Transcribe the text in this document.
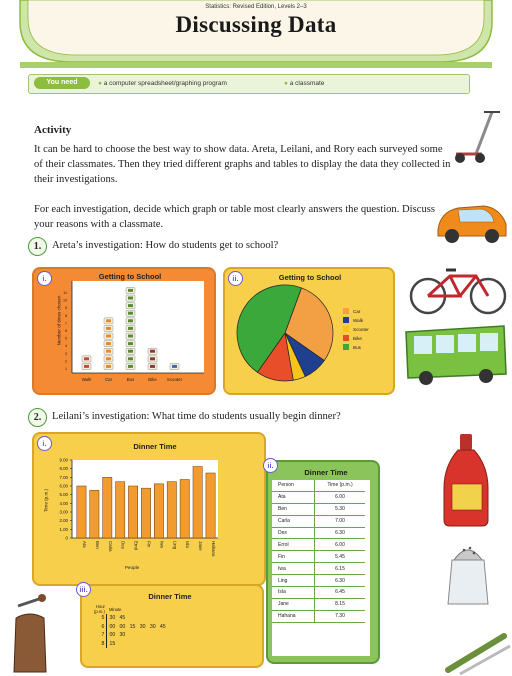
Statistics: Revised Edition, Levels 2–3
Discussing Data
You need	● a computer spreadsheet/graphing program	● a classmate
Activity
It can be hard to choose the best way to show data. Areta, Leilani, and Rory each surveyed some of their classmates. Then they tried different graphs and tables to display the data they collected in their investigations.
For each investigation, decide which graph or table most clearly answers the question. Discuss your reasons with a classmate.
1.	Areta’s investigation: How do students get to school?
i.	Getting to School
Number of times chosen
1
2
3
4
5
6
7
8
9
10
11
Walk	Car	Bus	Bike Scooter
ii.	Getting to School
Car
Walk
Scooter
Bike
Bus
2.	Leilani’s investigation: What time do students usually begin dinner?
i.	Dinner Time
Time (p.m.)
People
0
1.00
2.00
3.00
4.00
5.00
6.00
7.00
8.00
9.00
Ata Ben Carla Des Errol Fin Iwa Ling Isla Jane Hahana
ii.
Dinner Time
Person	Time (p.m.)
Ata	6.00
Ben	5.30
Carla	7.00
Des	6.30
Errol	6.00
Fin	5.45
Iwa	6.15
Ling	6.30
Isla	6.45
Jane	8.15
Hahana	7.30
iii.
Dinner Time
Hour (p.m.)	Minute
5	30   45
6	00   00   15   30   30   45
7	00   30
8	15
